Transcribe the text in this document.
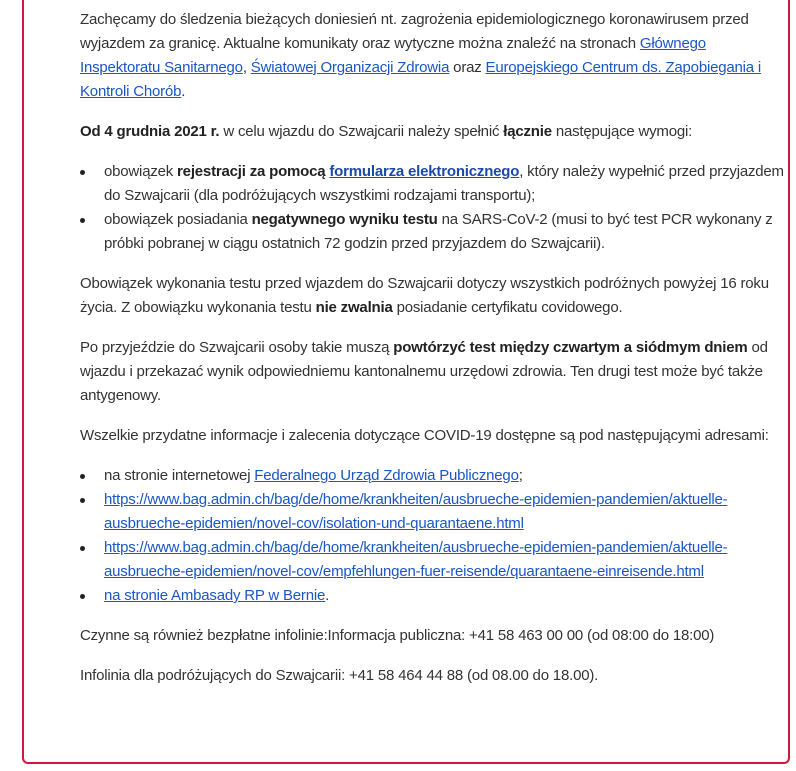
Zachęcamy do śledzenia bieżących doniesień nt. zagrożenia epidemiologicznego koronawirusem przed wyjazdem za granicę. Aktualne komunikaty oraz wytyczne można znaleźć na stronach Głównego Inspektoratu Sanitarnego, Światowej Organizacji Zdrowia oraz Europejskiego Centrum ds. Zapobiegania i Kontroli Chorób.

Od 4 grudnia 2021 r. w celu wjazdu do Szwajcarii należy spełnić łącznie następujące wymogi:

obowiązek rejestracji za pomocą formularza elektronicznego, który należy wypełnić przed przyjazdem do Szwajcarii (dla podróżujących wszystkimi rodzajami transportu);
obowiązek posiadania negatywnego wyniku testu na SARS-CoV-2 (musi to być test PCR wykonany z próbki pobranej w ciągu ostatnich 72 godzin przed przyjazdem do Szwajcarii).

Obowiązek wykonania testu przed wjazdem do Szwajcarii dotyczy wszystkich podróżnych powyżej 16 roku życia. Z obowiązku wykonania testu nie zwalnia posiadanie certyfikatu covidowego.

Po przyjeździe do Szwajcarii osoby takie muszą powtórzyć test między czwartym a siódmym dniem od wjazdu i przekazać wynik odpowiedniemu kantonalnemu urzędowi zdrowia. Ten drugi test może być także antygenowy.

Wszelkie przydatne informacje i zalecenia dotyczące COVID-19 dostępne są pod następującymi adresami:

na stronie internetowej Federalnego Urząd Zdrowia Publicznego;
https://www.bag.admin.ch/bag/de/home/krankheiten/ausbrueche-epidemien-pandemien/aktuelle-ausbrueche-epidemien/novel-cov/isolation-und-quarantaene.html
https://www.bag.admin.ch/bag/de/home/krankheiten/ausbrueche-epidemien-pandemien/aktuelle-ausbrueche-epidemien/novel-cov/empfehlungen-fuer-reisende/quarantaene-einreisende.html
na stronie Ambasady RP w Bernie.

Czynne są również bezpłatne infolinie:Informacja publiczna: +41 58 463 00 00 (od 08:00 do 18:00)

Infolinia dla podróżujących do Szwajcarii: +41 58 464 44 88 (od 08.00 do 18.00).
